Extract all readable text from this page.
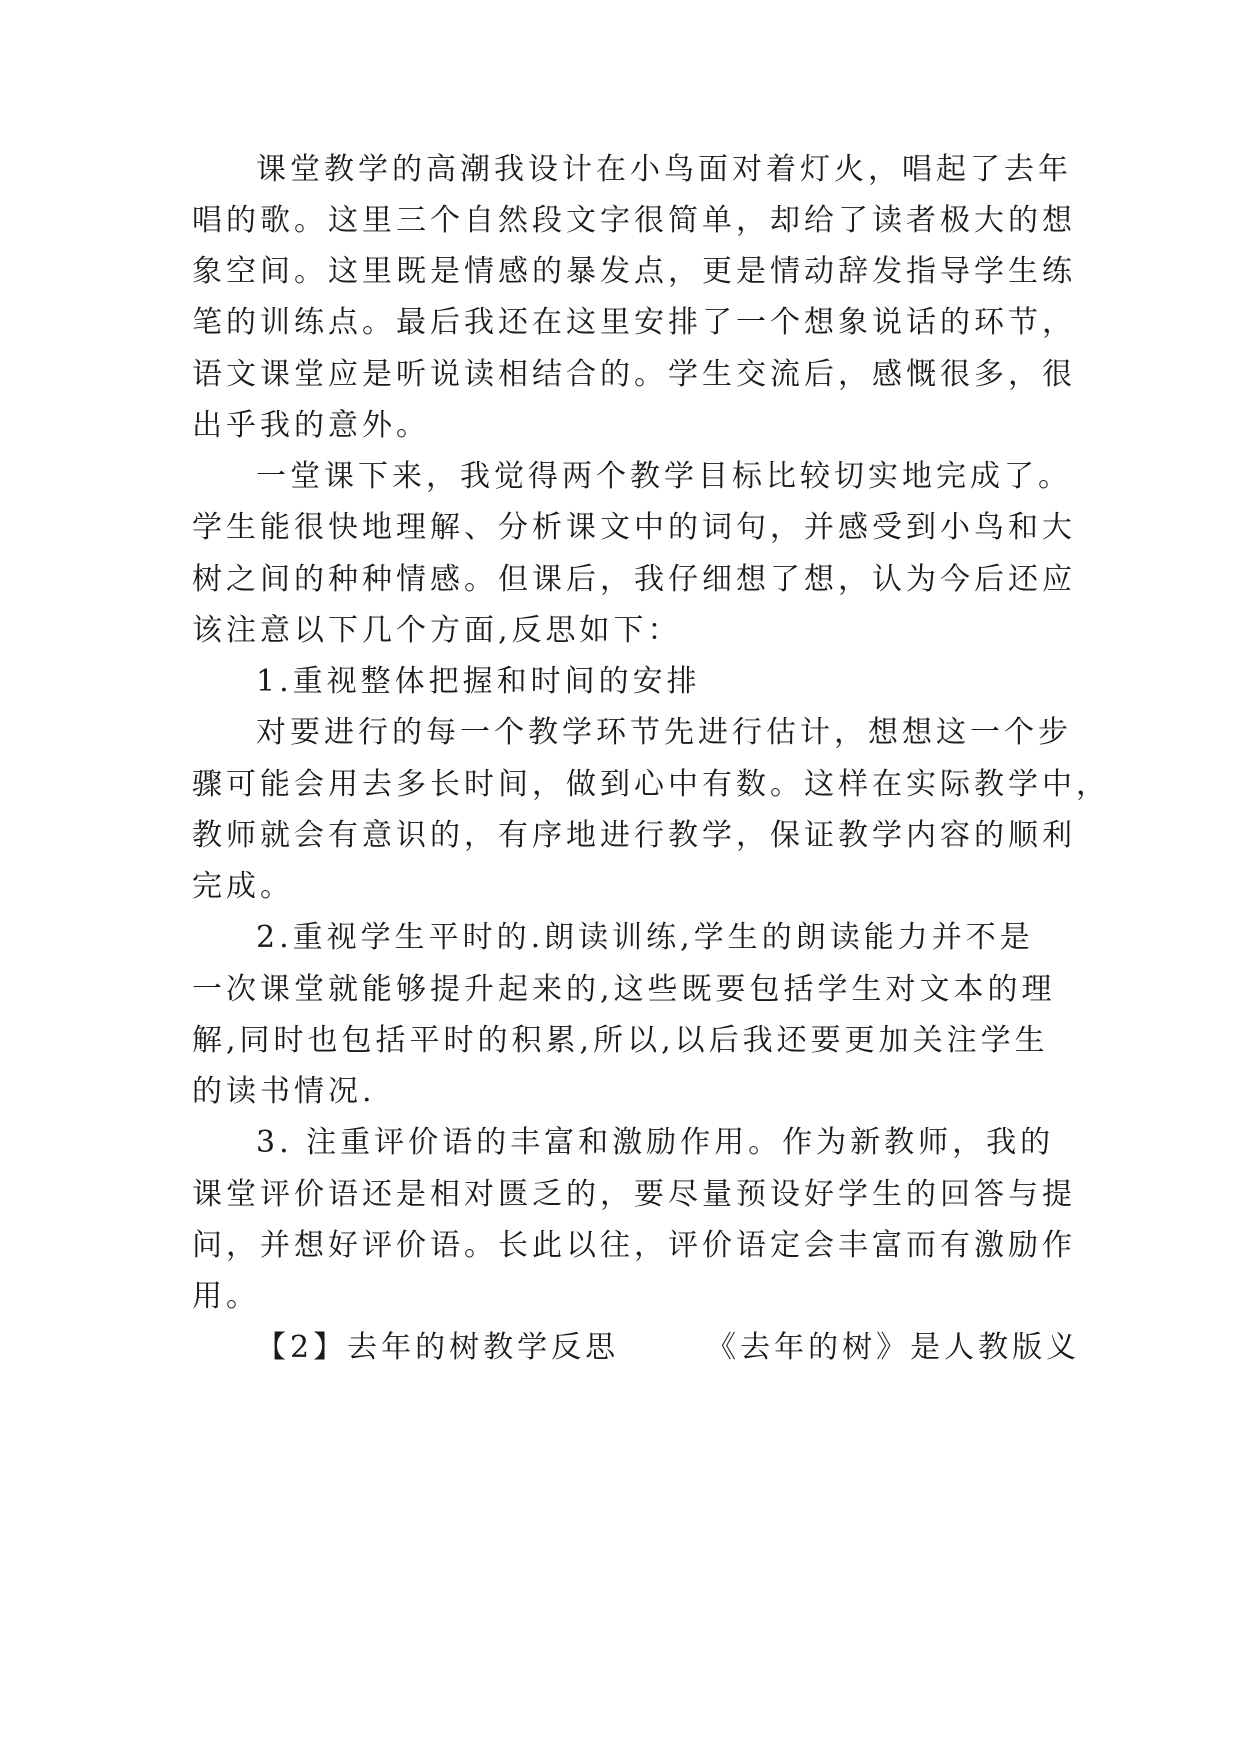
课堂教学的高潮我设计在小鸟面对着灯火，唱起了去年
唱的歌。这里三个自然段文字很简单，却给了读者极大的想
象空间。这里既是情感的暴发点，更是情动辞发指导学生练
笔的训练点。最后我还在这里安排了一个想象说话的环节，
语文课堂应是听说读相结合的。学生交流后，感慨很多，很
出乎我的意外。
一堂课下来，我觉得两个教学目标比较切实地完成了。
学生能很快地理解、分析课文中的词句，并感受到小鸟和大
树之间的种种情感。但课后，我仔细想了想，认为今后还应
该注意以下几个方面,反思如下：
1.重视整体把握和时间的安排
对要进行的每一个教学环节先进行估计，想想这一个步
骤可能会用去多长时间，做到心中有数。这样在实际教学中，
教师就会有意识的，有序地进行教学，保证教学内容的顺利
完成。
2.重视学生平时的.朗读训练,学生的朗读能力并不是
一次课堂就能够提升起来的,这些既要包括学生对文本的理
解,同时也包括平时的积累,所以,以后我还要更加关注学生
的读书情况.
3. 注重评价语的丰富和激励作用。作为新教师，我的
课堂评价语还是相对匮乏的，要尽量预设好学生的回答与提
问，并想好评价语。长此以往，评价语定会丰富而有激励作
用。
【2】去年的树教学反思　　　《去年的树》是人教版义
